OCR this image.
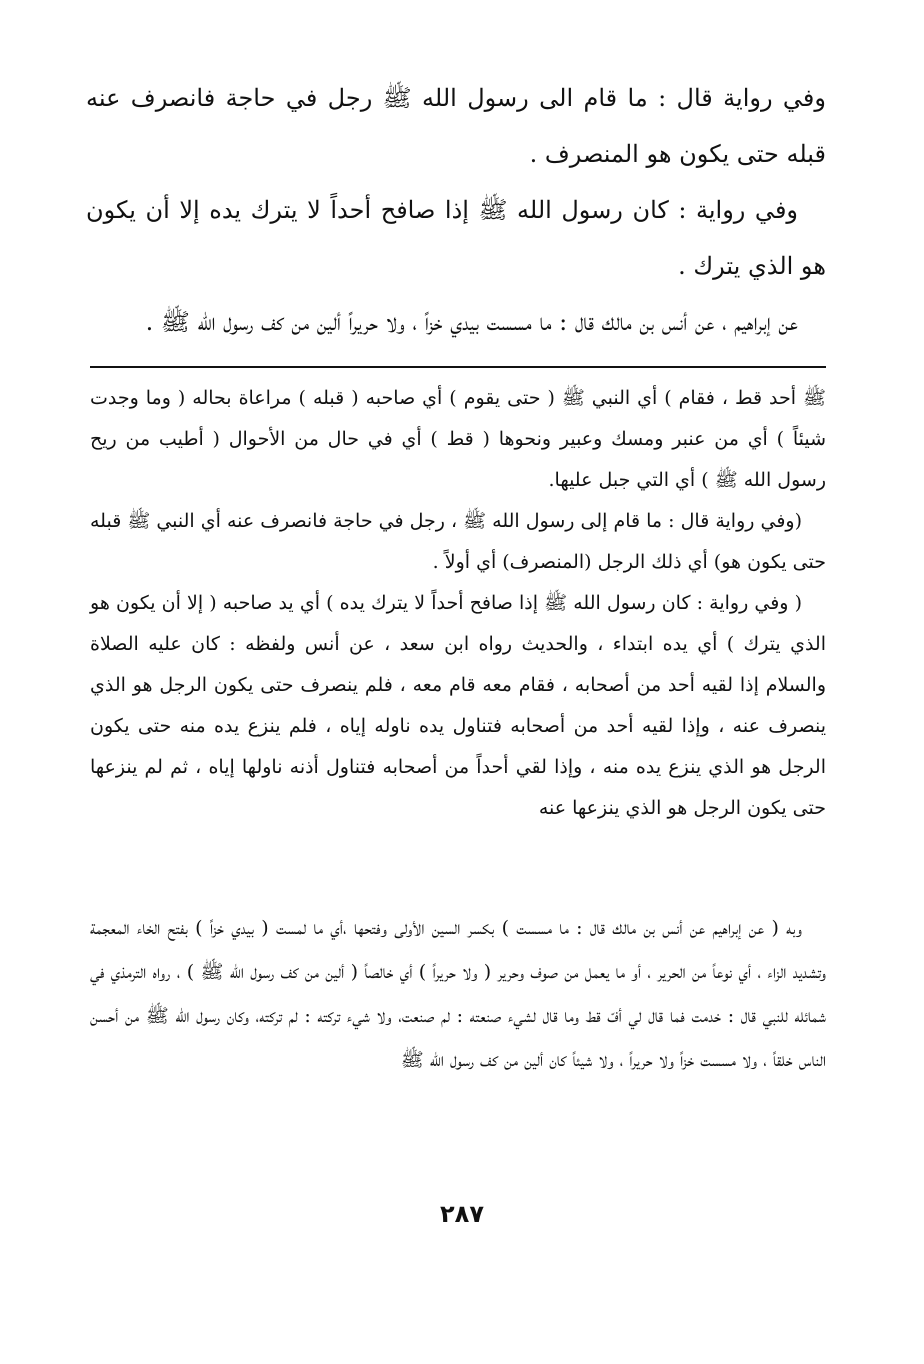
وفي رواية قال : ما قام الى رسول الله ﷺ رجل في حاجة فانصرف عنه قبله حتى يكون هو المنصرف .

وفي رواية : كان رسول الله ﷺ إذا صافح أحداً لا يترك يده إلا أن يكون هو الذي يترك .

عن إبراهيم ، عن أنس بن مالك قال : ما مسست بيدي خزاً ، ولا حريراً ألين من كف رسول الله ﷺ .

ﷺ أحد قط ، فقام ) أي النبي ﷺ ( حتى يقوم ) أي صاحبه ( قبله ) مراعاة بحاله ( وما وجدت شيئاً ) أي من عنبر ومسك وعبير ونحوها ( قط ) أي في حال من الأحوال ( أطيب من ريح رسول الله ﷺ ) أي التي جبل عليها.

(وفي رواية قال : ما قام إلى رسول الله ﷺ ، رجل في حاجة فانصرف عنه أي النبي ﷺ قبله حتى يكون هو) أي ذلك الرجل (المنصرف) أي أولاً .

( وفي رواية : كان رسول الله ﷺ إذا صافح أحداً لا يترك يده ) أي يد صاحبه ( إلا أن يكون هو الذي يترك ) أي يده ابتداء ، والحديث رواه ابن سعد ، عن أنس ولفظه : كان عليه الصلاة والسلام إذا لقيه أحد من أصحابه ، فقام معه قام معه ، فلم ينصرف حتى يكون الرجل هو الذي ينصرف عنه ، وإذا لقيه أحد من أصحابه فتناول يده ناوله إياه ، فلم ينزع يده منه حتى يكون الرجل هو الذي ينزع يده منه ، وإذا لقي أحداً من أصحابه فتناول أذنه ناولها إياه ، ثم لم ينزعها حتى يكون الرجل هو الذي ينزعها عنه

وبه ( عن إبراهيم عن أنس بن مالك قال : ما مسست ) بكسر السين الأولى وفتحها ،أي ما لمست ( بيدي خزاً ) بفتح الخاء المعجمة وتشديد الزاء ، أي نوعاً من الحرير ، أو ما يعمل من صوف وحرير ( ولا حريراً ) أي خالصاً ( ألين من كف رسول الله ﷺ ) ، رواه الترمذي في شمائله للنبي قال : خدمت فما قال لي أفّ قط وما قال لشيء صنعته : لم صنعت، ولا شيء تركته : لم تركته، وكان رسول الله ﷺ من أحسن الناس خلقاً ، ولا مسست خزاً ولا حريراً ، ولا شيئاً كان ألين من كف رسول الله ﷺ

٢٨٧
